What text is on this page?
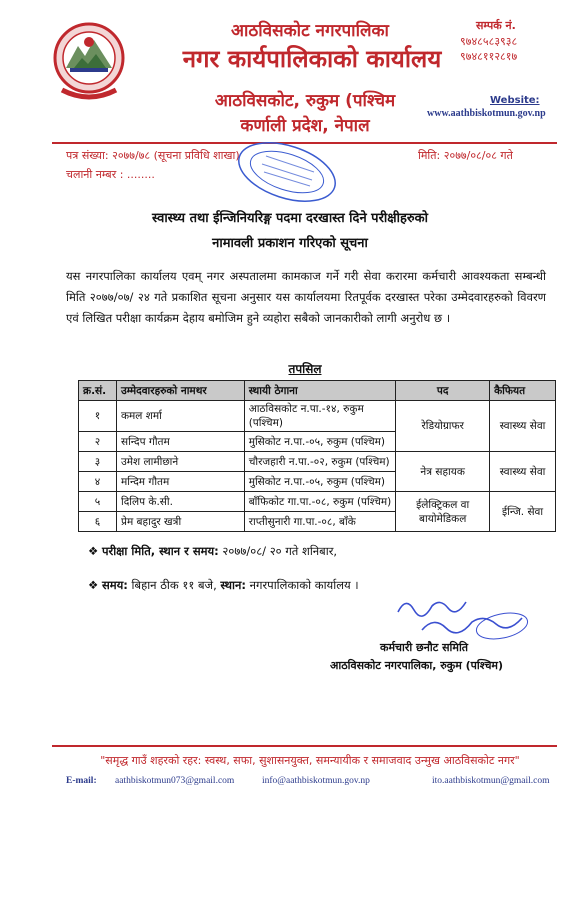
आठविसकोट नगरपालिका
नगर कार्यपालिकाको कार्यालय
आठविसकोट, रुकुम (पश्चिम
कर्णाली प्रदेश, नेपाल
सम्पर्क नं.
९७४८५८३९३८
९७४८११२८१७
Website:
www.aathbiskotmun.gov.np
पत्र संख्या: २०७७/७८ (सूचना प्रविधि शाखा)	मिति: २०७७/०८/०८ गते
चलानी नम्बर : ........
स्वास्थ्य तथा ईन्जिनियरिङ्ग पदमा दरखास्त दिने परीक्षीहरुको
नामावली प्रकाशन गरिएको सूचना
यस नगरपालिका कार्यालय एवम् नगर अस्पतालमा कामकाज गर्ने गरी सेवा करारमा कर्मचारी आवश्यकता सम्बन्धी मिति २०७७/०७/ २४ गते प्रकाशित सूचना अनुसार यस कार्यालयमा रितपूर्वक दरखास्त परेका उम्मेदवारहरुको विवरण एवं लिखित परीक्षा कार्यक्रम देहाय बमोजिम हुने व्यहोरा सबैको जानकारीको लागी अनुरोध छ ।
तपसिल
क्र.सं.	उम्मेदवारहरुको नामथर	स्थायी ठेगाना	पद	कैफियत
१	कमल शर्मा	आठविसकोट न.पा.-१४, रुकुम (पश्चिम)	रेडियोग्राफर	स्वास्थ्य सेवा
२	सन्दिप गौतम	मुसिकोट न.पा.-०५, रुकुम (पश्चिम)		
३	उमेश लामीछाने	चौरजहारी न.पा.-०२, रुकुम (पश्चिम)	नेत्र सहायक	स्वास्थ्य सेवा
४	मन्दिम गौतम	मुसिकोट न.पा.-०५, रुकुम (पश्चिम)		
५	दिलिप के.सी.	बाँफिकोट गा.पा.-०८, रुकुम (पश्चिम)	ईलेक्ट्रिकल वा बायोमेडिकल	ईन्जि. सेवा
६	प्रेम बहादुर खत्री	राप्तीसुनारी गा.पा.-०८, बाँके		
❖ परीक्षा मिति, स्थान र समय: २०७७/०८/ २० गते शनिबार,
❖ समय: बिहान ठीक ११ बजे, स्थान: नगरपालिकाको कार्यालय ।
कर्मचारी छनौट समिति
आठविसकोट नगरपालिका, रुकुम (पश्चिम)
"समृद्ध गाउँ शहरको रहर: स्वस्थ, सफा, सुशासनयुक्त, समन्यायीक र समाजवाद उन्मुख आठविसकोट नगर"
E-mail: aathbiskotmun073@gmail.com	info@aathbiskotmun.gov.np	ito.aathbiskotmun@gmail.com
